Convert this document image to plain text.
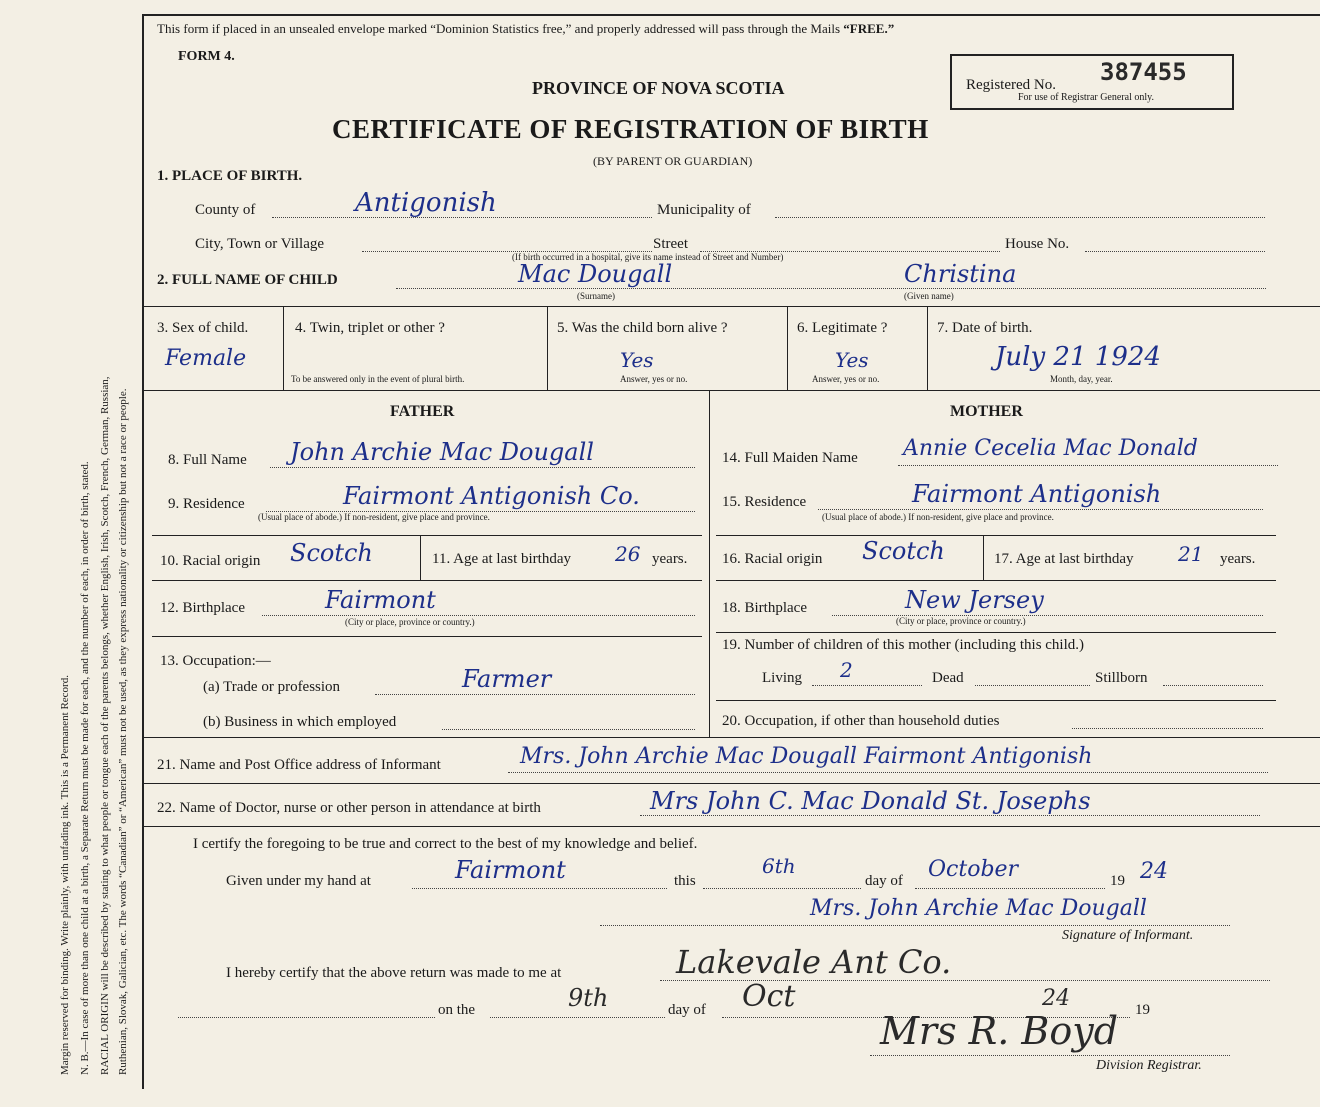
Margin reserved for binding. Write plainly, with unfading ink. This is a Permanent Record. N. B.—In case of more than one child at a birth, a Separate Return must be made for each, and the number of each, in order of birth, stated. RACIAL ORIGIN will be described by stating to what people or tongue each of the parents belongs, whether English, Irish, Scotch, French, German, Russian, Ruthenian, Slovak, Galician, etc. The words “Canadian” or “American” must not be used, as they express nationality or citizenship but not a race or people.
This form if placed in an unsealed envelope marked “Dominion Statistics free,” and properly addressed will pass through the Mails “FREE.”
FORM 4.
PROVINCE OF NOVA SCOTIA
CERTIFICATE OF REGISTRATION OF BIRTH
(BY PARENT OR GUARDIAN)
Registered No. 387455
For use of Registrar General only.
1. PLACE OF BIRTH.
County of	Antigonish	Municipality of
City, Town or Village	Street	House No.
(If birth occurred in a hospital, give its name instead of Street and Number)
2. FULL NAME OF CHILD	Mac Dougall
(Surname)
Christina
(Given name)
3. Sex of child.
Female
4. Twin, triplet or other ?
To be answered only in the event of plural birth.
5. Was the child born alive ?
Yes
Answer, yes or no.
6. Legitimate ?
Yes
Answer, yes or no.
7. Date of birth.
July 21 1924
Month, day, year.
FATHER	MOTHER
8. Full Name John Archie Mac Dougall
9. Residence	Fairmont Antigonish Co.
(Usual place of abode.) If non-resident, give place and province.
10. Racial origin Scotch	11. Age at last birthday 26 years.
12. Birthplace	Fairmont
(City or place, province or country.)
13. Occupation:—
(a) Trade or profession	Farmer
(b) Business in which employed
14. Full Maiden Name Annie Cecelia Mac Donald
15. Residence	Fairmont Antigonish
(Usual place of abode.) If non-resident, give place and province.
16. Racial origin Scotch	17. Age at last birthday 21 years.
18. Birthplace	New Jersey
(City or place, province or country.)
19. Number of children of this mother (including this child.)
Living 2	Dead	Stillborn
20. Occupation, if other than household duties
21. Name and Post Office address of Informant	Mrs. John Archie Mac Dougall Fairmont Antigonish
22. Name of Doctor, nurse or other person in attendance at birth	Mrs John C. Mac Donald St. Josephs
I certify the foregoing to be true and correct to the best of my knowledge and belief.
Given under my hand at	Fairmont	this
6th
day of October	19 24
Mrs. John Archie Mac Dougall
Signature of Informant.
I hereby certify that the above return was made to me at	Lakevale Ant Co.
on the	9th	day of Oct	19
24
Mrs R. Boyd
Division Registrar.
